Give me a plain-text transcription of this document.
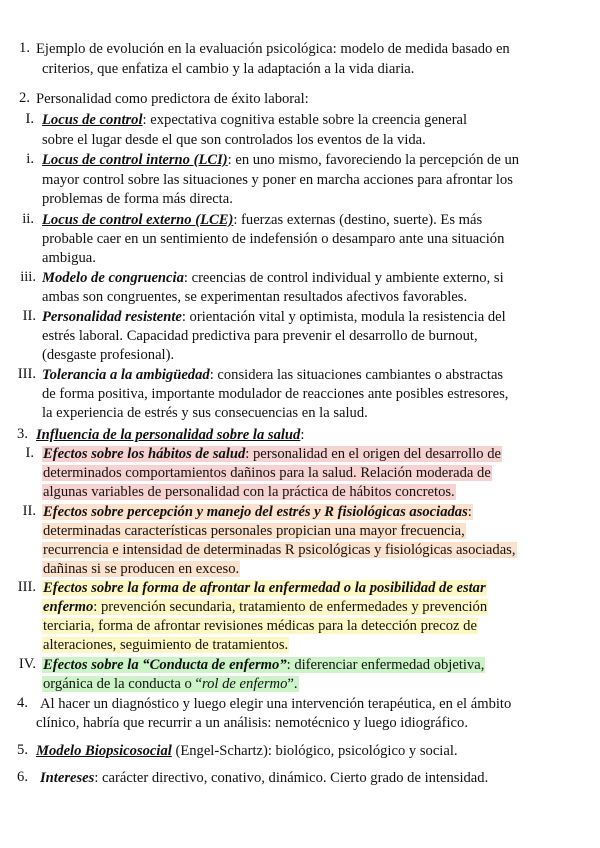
1. Ejemplo de evolución en la evaluación psicológica: modelo de medida basado en
criterios, que enfatiza el cambio y la adaptación a la vida diaria.
2. Personalidad como predictora de éxito laboral:
I. Locus de control: expectativa cognitiva estable sobre la creencia general
sobre el lugar desde el que son controlados los eventos de la vida.
i. Locus de control interno (LCI): en uno mismo, favoreciendo la percepción de un
mayor control sobre las situaciones y poner en marcha acciones para afrontar los
problemas de forma más directa.
ii. Locus de control externo (LCE): fuerzas externas (destino, suerte). Es más
probable caer en un sentimiento de indefensión o desamparo ante una situación
ambigua.
iii. Modelo de congruencia: creencias de control individual y ambiente externo, si
ambas son congruentes, se experimentan resultados afectivos favorables.
II. Personalidad resistente: orientación vital y optimista, modula la resistencia del
estrés laboral. Capacidad predictiva para prevenir el desarrollo de burnout,
(desgaste profesional).
III. Tolerancia a la ambigüedad: considera las situaciones cambiantes o abstractas
de forma positiva, importante modulador de reacciones ante posibles estresores,
la experiencia de estrés y sus consecuencias en la salud.
3. Influencia de la personalidad sobre la salud:
I. Efectos sobre los hábitos de salud: personalidad en el origen del desarrollo de
determinados comportamientos dañinos para la salud. Relación moderada de
algunas variables de personalidad con la práctica de hábitos concretos.
II. Efectos sobre percepción y manejo del estrés y R fisiológicas asociadas:
determinadas características personales propician una mayor frecuencia,
recurrencia e intensidad de determinadas R psicológicas y fisiológicas asociadas,
dañinas si se producen en exceso.
III. Efectos sobre la forma de afrontar la enfermedad o la posibilidad de estar
enfermo: prevención secundaria, tratamiento de enfermedades y prevención
terciaria, forma de afrontar revisiones médicas para la detección precoz de
alteraciones, seguimiento de tratamientos.
IV. Efectos sobre la “Conducta de enfermo”: diferenciar enfermedad objetiva,
orgánica de la conducta o “rol de enfermo”.
4. Al hacer un diagnóstico y luego elegir una intervención terapéutica, en el ámbito
clínico, habría que recurrir a un análisis: nemotécnico y luego idiográfico.
5. Modelo Biopsicosocial (Engel-Schartz): biológico, psicológico y social.
6. Intereses: carácter directivo, conativo, dinámico. Cierto grado de intensidad.
